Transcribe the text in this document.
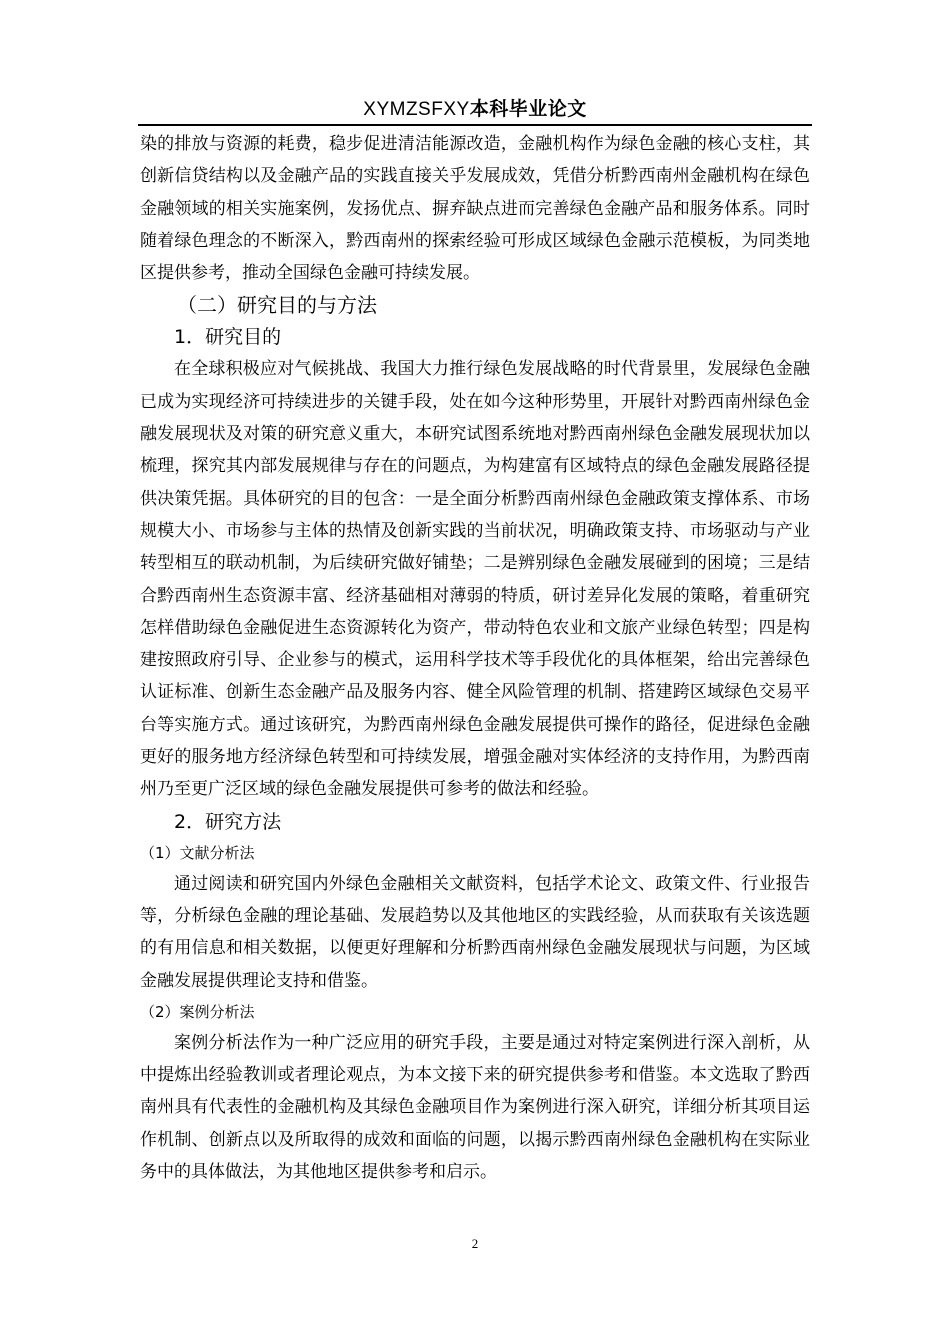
XYMZSFXY本科毕业论文

染的排放与资源的耗费，稳步促进清洁能源改造，金融机构作为绿色金融的核心支柱，其创新信贷结构以及金融产品的实践直接关乎发展成效，凭借分析黔西南州金融机构在绿色金融领域的相关实施案例，发扬优点、摒弃缺点进而完善绿色金融产品和服务体系。同时随着绿色理念的不断深入，黔西南州的探索经验可形成区域绿色金融示范模板，为同类地区提供参考，推动全国绿色金融可持续发展。

（二）研究目的与方法
1．研究目的

在全球积极应对气候挑战、我国大力推行绿色发展战略的时代背景里，发展绿色金融已成为实现经济可持续进步的关键手段，处在如今这种形势里，开展针对黔西南州绿色金融发展现状及对策的研究意义重大，本研究试图系统地对黔西南州绿色金融发展现状加以梳理，探究其内部发展规律与存在的问题点，为构建富有区域特点的绿色金融发展路径提供决策凭据。具体研究的目的包含：一是全面分析黔西南州绿色金融政策支撑体系、市场规模大小、市场参与主体的热情及创新实践的当前状况，明确政策支持、市场驱动与产业转型相互的联动机制，为后续研究做好铺垫；二是辨别绿色金融发展碰到的困境；三是结合黔西南州生态资源丰富、经济基础相对薄弱的特质，研讨差异化发展的策略，着重研究怎样借助绿色金融促进生态资源转化为资产，带动特色农业和文旅产业绿色转型；四是构建按照政府引导、企业参与的模式，运用科学技术等手段优化的具体框架，给出完善绿色认证标准、创新生态金融产品及服务内容、健全风险管理的机制、搭建跨区域绿色交易平台等实施方式。通过该研究，为黔西南州绿色金融发展提供可操作的路径，促进绿色金融更好的服务地方经济绿色转型和可持续发展，增强金融对实体经济的支持作用，为黔西南州乃至更广泛区域的绿色金融发展提供可参考的做法和经验。

2．研究方法
（1）文献分析法

通过阅读和研究国内外绿色金融相关文献资料，包括学术论文、政策文件、行业报告等，分析绿色金融的理论基础、发展趋势以及其他地区的实践经验，从而获取有关该选题的有用信息和相关数据，以便更好理解和分析黔西南州绿色金融发展现状与问题，为区域金融发展提供理论支持和借鉴。

（2）案例分析法

案例分析法作为一种广泛应用的研究手段，主要是通过对特定案例进行深入剖析，从中提炼出经验教训或者理论观点，为本文接下来的研究提供参考和借鉴。本文选取了黔西南州具有代表性的金融机构及其绿色金融项目作为案例进行深入研究，详细分析其项目运作机制、创新点以及所取得的成效和面临的问题，以揭示黔西南州绿色金融机构在实际业务中的具体做法，为其他地区提供参考和启示。

2
